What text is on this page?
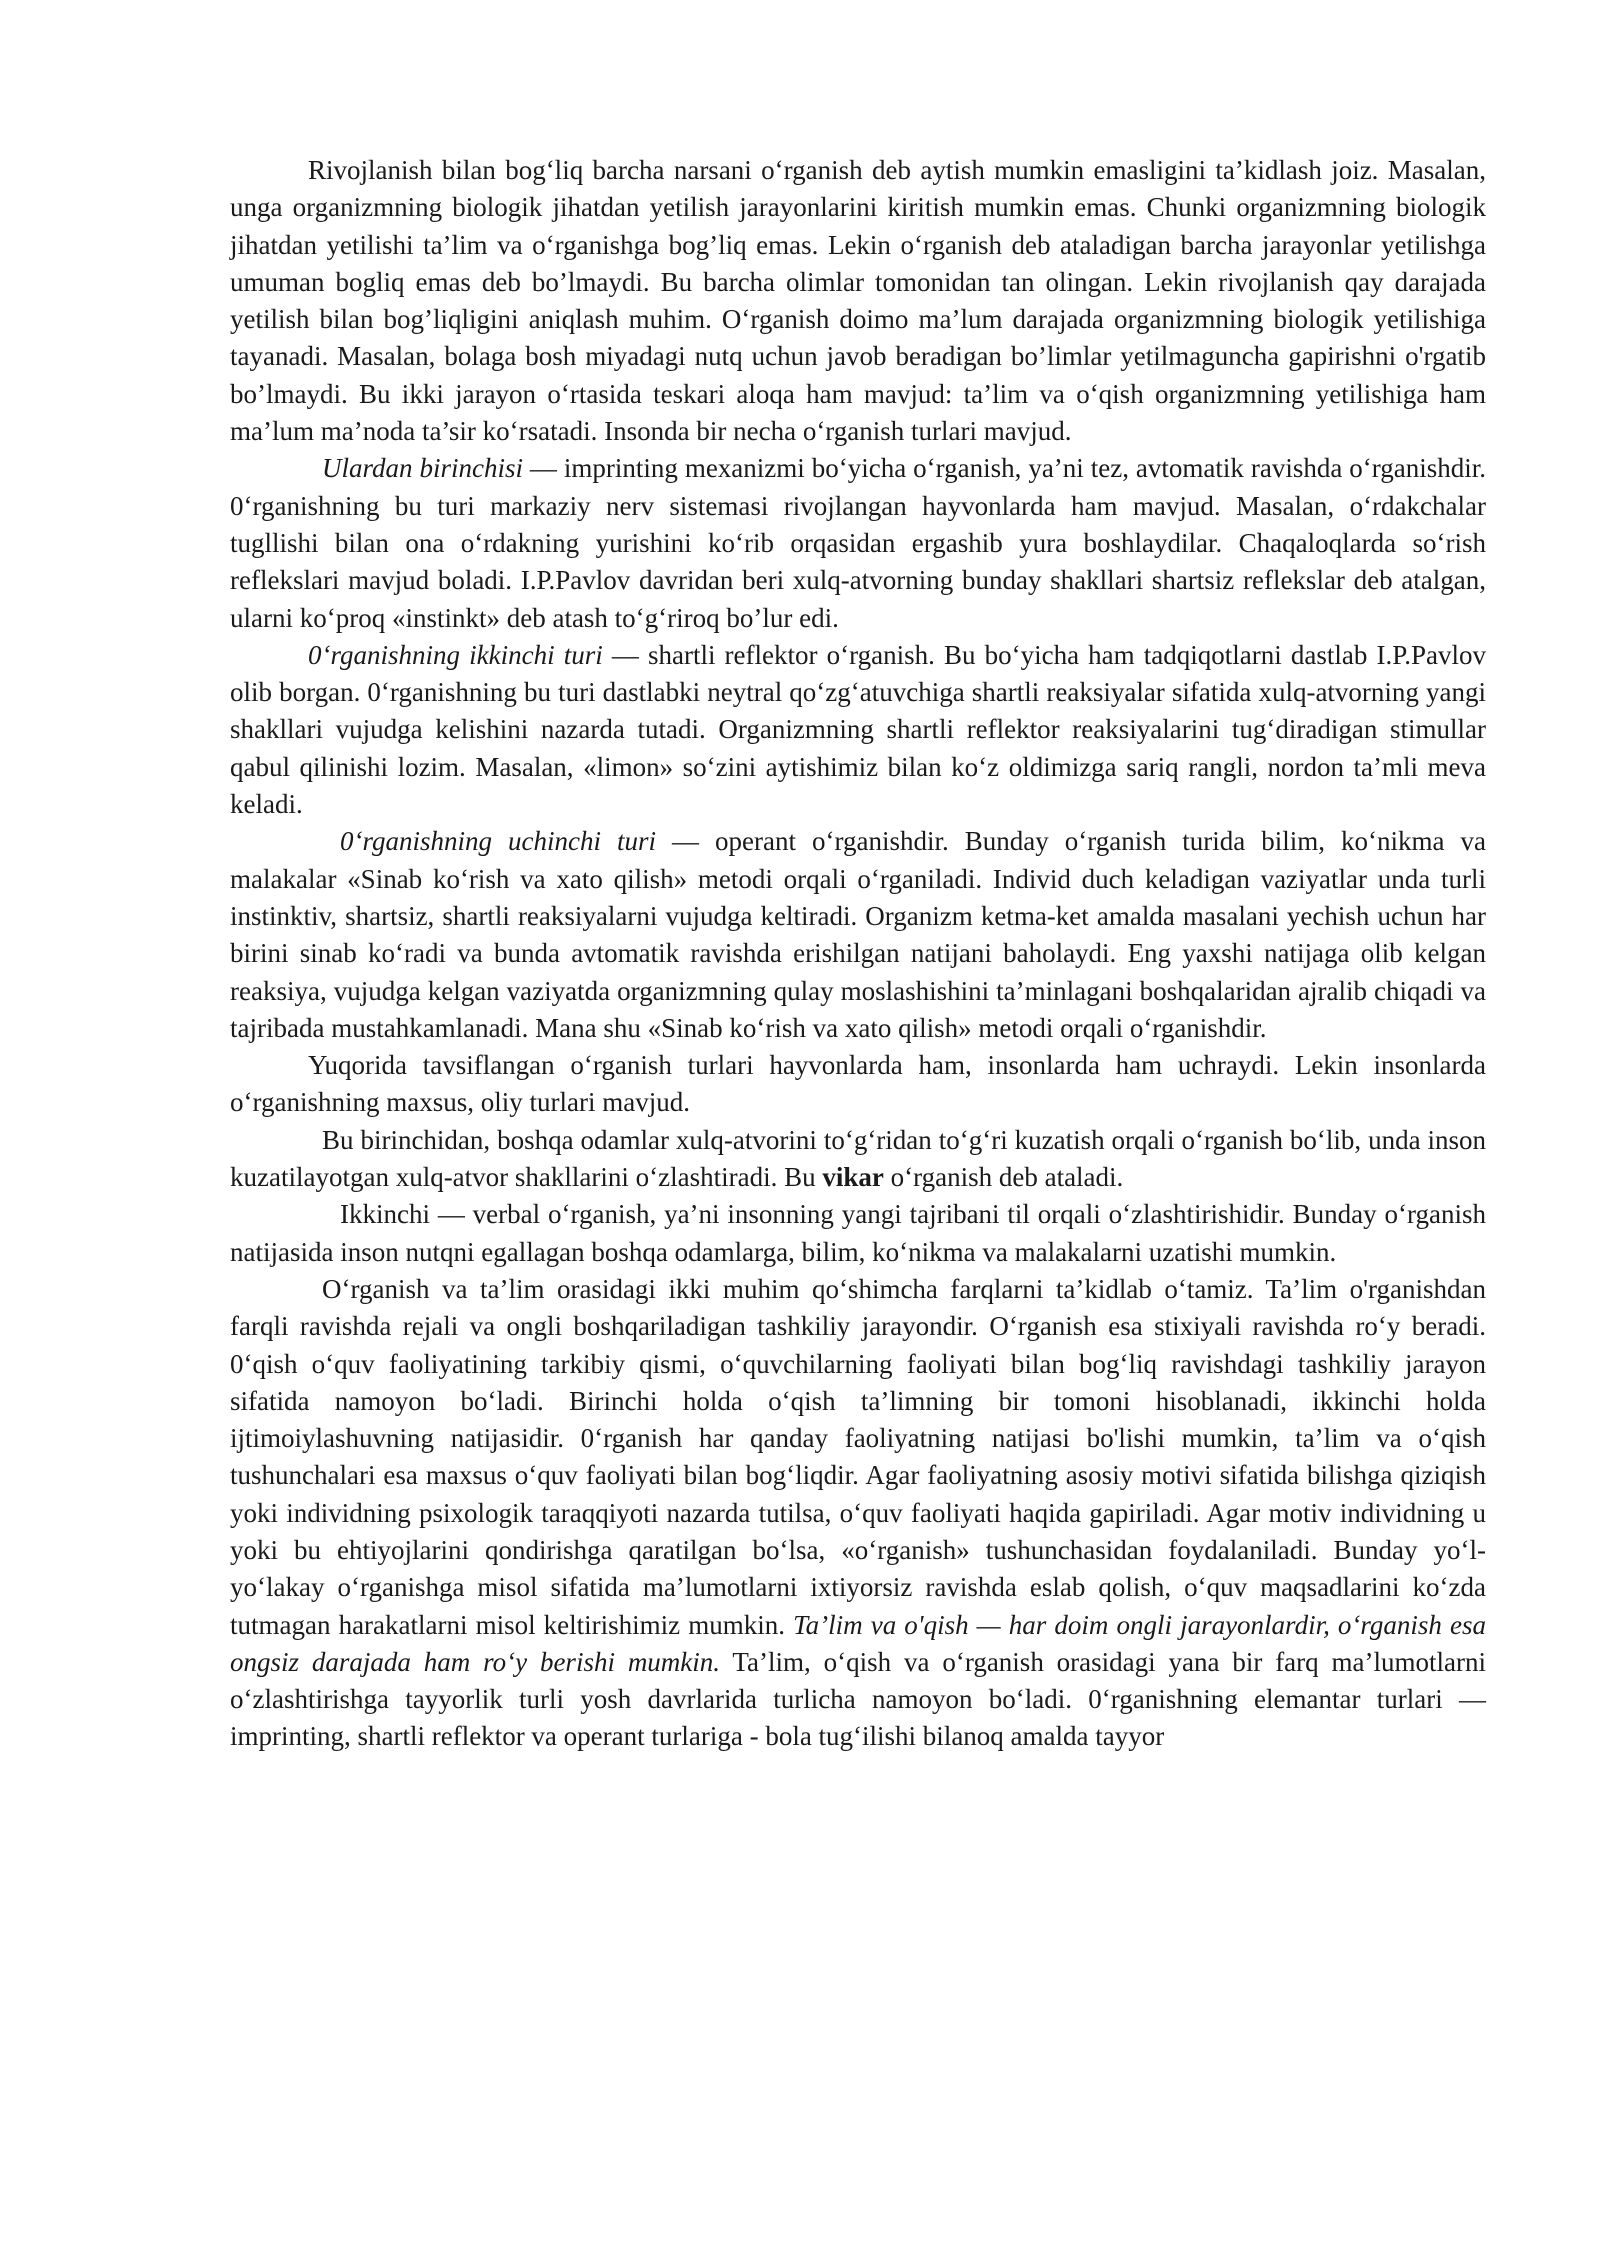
Rivojlanish bilan bog‘liq barcha narsani o‘rganish deb aytish mumkin emasligini ta’kidlash joiz. Masalan, unga organizmning biologik jihatdan yetilish jarayonlarini kiritish mumkin emas. Chunki organizmning biologik jihatdan yetilishi ta’lim va o‘rganishga bog’liq emas. Lekin o‘rganish deb ataladigan barcha jarayonlar yetilishga umuman bogliq emas deb bo’lmaydi. Bu barcha olimlar tomonidan tan olingan. Lekin rivojlanish qay darajada yetilish bilan bog’liqligini aniqlash muhim. O‘rganish doimo ma’lum darajada organizmning biologik yetilishiga tayanadi. Masalan, bolaga bosh miyadagi nutq uchun javob beradigan bo’limlar yetilmaguncha gapirishni o'rgatib bo’lmaydi. Bu ikki jarayon o‘rtasida teskari aloqa ham mavjud: ta’lim va o‘qish organizmning yetilishiga ham ma’lum ma’noda ta’sir ko‘rsatadi. Insonda bir necha o‘rganish turlari mavjud.

Ulardan birinchisi — imprinting mexanizmi bo‘yicha o‘rganish, ya’ni tez, avtomatik ravishda o‘rganishdir. 0‘rganishning bu turi markaziy nerv sistemasi rivojlangan hayvonlarda ham mavjud. Masalan, o‘rdakchalar tugllishi bilan ona o‘rdakning yurishini ko‘rib orqasidan ergashib yura boshlaydilar. Chaqaloqlarda so‘rish reflekslari mavjud boladi. I.P.Pavlov davridan beri xulq-atvorning bunday shakllari shartsiz reflekslar deb atalgan, ularni ko‘proq «instinkt» deb atash to‘g‘riroq bo’lur edi.

0‘rganishning ikkinchi turi — shartli reflektor o‘rganish. Bu bo‘yicha ham tadqiqotlarni dastlab I.P.Pavlov olib borgan. 0‘rganishning bu turi dastlabki neytral qo‘zg‘atuvchiga shartli reaksiyalar sifatida xulq-atvorning yangi shakllari vujudga kelishini nazarda tutadi. Organizmning shartli reflektor reaksiyalarini tug‘diradigan stimullar qabul qilinishi lozim. Masalan, «limon» so‘zini aytishimiz bilan ko‘z oldimizga sariq rangli, nordon ta’mli meva keladi.

0‘rganishning uchinchi turi — operant o‘rganishdir. Bunday o‘rganish turida bilim, ko‘nikma va malakalar «Sinab ko‘rish va xato qilish» metodi orqali o‘rganiladi. Individ duch keladigan vaziyatlar unda turli instinktiv, shartsiz, shartli reaksiyalarni vujudga keltiradi. Organizm ketma-ket amalda masalani yechish uchun har birini sinab ko‘radi va bunda avtomatik ravishda erishilgan natijani baholaydi. Eng yaxshi natijaga olib kelgan reaksiya, vujudga kelgan vaziyatda organizmning qulay moslashishini ta’minlagani boshqalaridan ajralib chiqadi va tajribada mustahkamlanadi. Mana shu «Sinab ko‘rish va xato qilish» metodi orqali o‘rganishdir.

Yuqorida tavsiflangan o‘rganish turlari hayvonlarda ham, insonlarda ham uchraydi. Lekin insonlarda o‘rganishning maxsus, oliy turlari mavjud.

Bu birinchidan, boshqa odamlar xulq-atvorini to‘g‘ridan to‘g‘ri kuzatish orqali o‘rganish bo‘lib, unda inson kuzatilayotgan xulq-atvor shakllarini o‘zlashtiradi. Bu vikar o‘rganish deb ataladi.

Ikkinchi — verbal o‘rganish, ya’ni insonning yangi tajribani til orqali o‘zlashtirishidir. Bunday o‘rganish natijasida inson nutqni egallagan boshqa odamlarga, bilim, ko‘nikma va malakalarni uzatishi mumkin.

O‘rganish va ta’lim orasidagi ikki muhim qo‘shimcha farqlarni ta’kidlab o‘tamiz. Ta’lim o'rganishdan farqli ravishda rejali va ongli boshqariladigan tashkiliy jarayondir. O‘rganish esa stixiyali ravishda ro‘y beradi. 0‘qish o‘quv faoliyatining tarkibiy qismi, o‘quvchilarning faoliyati bilan bog‘liq ravishdagi tashkiliy jarayon sifatida namoyon bo‘ladi. Birinchi holda o‘qish ta’limning bir tomoni hisoblanadi, ikkinchi holda ijtimoiylashuvning natijasidir. 0‘rganish har qanday faoliyatning natijasi bo'lishi mumkin, ta’lim va o‘qish tushunchalari esa maxsus o‘quv faoliyati bilan bog‘liqdir. Agar faoliyatning asosiy motivi sifatida bilishga qiziqish yoki individning psixologik taraqqiyoti nazarda tutilsa, o‘quv faoliyati haqida gapiriladi. Agar motiv individning u yoki bu ehtiyojlarini qondirishga qaratilgan bo‘lsa, «o‘rganish» tushunchasidan foydalaniladi. Bunday yo‘l-yo‘lakay o‘rganishga misol sifatida ma’lumotlarni ixtiyorsiz ravishda eslab qolish, o‘quv maqsadlarini ko‘zda tutmagan harakatlarni misol keltirishimiz mumkin. Ta’lim va o'qish — har doim ongli jarayonlardir, o‘rganish esa ongsiz darajada ham ro‘y berishi mumkin. Ta’lim, o‘qish va o‘rganish orasidagi yana bir farq ma’lumotlarni o‘zlashtirishga tayyorlik turli yosh davrlarida turlicha namoyon bo‘ladi. 0‘rganishning elemantar turlari — imprinting, shartli reflektor va operant turlariga - bola tug‘ilishi bilanoq amalda tayyor
